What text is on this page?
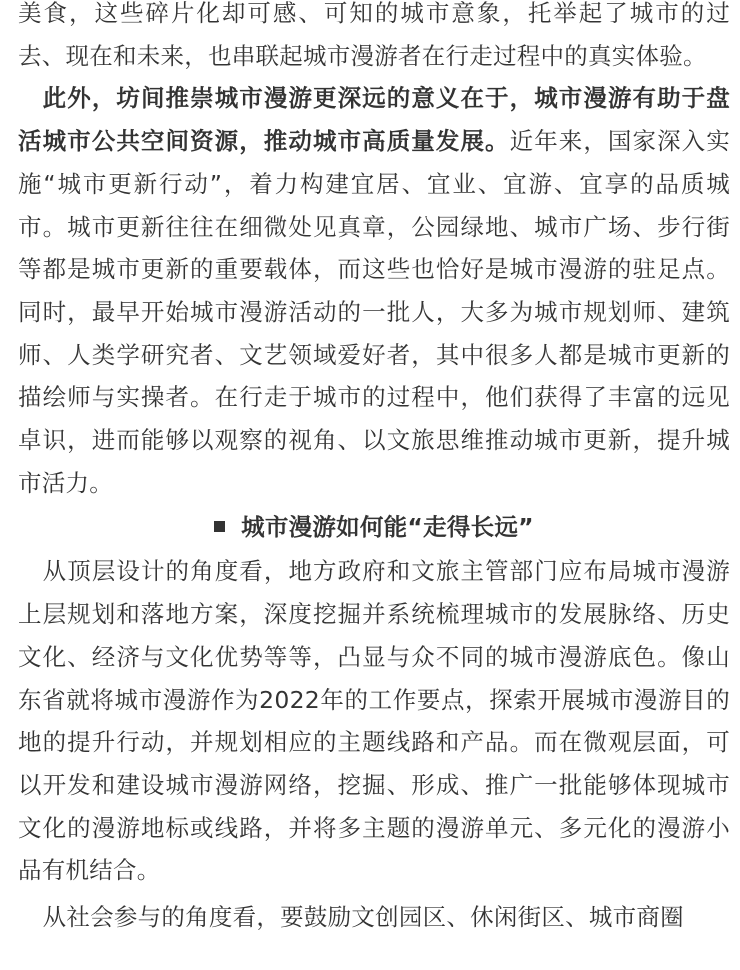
美食，这些碎片化却可感、可知的城市意象，托举起了城市的过去、现在和未来，也串联起城市漫游者在行走过程中的真实体验。

此外，坊间推崇城市漫游更深远的意义在于，城市漫游有助于盘活城市公共空间资源，推动城市高质量发展。近年来，国家深入实施“城市更新行动”，着力构建宜居、宜业、宜游、宜享的品质城市。城市更新往往在细微处见真章，公园绿地、城市广场、步行街等都是城市更新的重要载体，而这些也恰好是城市漫游的驻足点。同时，最早开始城市漫游活动的一批人，大多为城市规划师、建筑师、人类学研究者、文艺领域爱好者，其中很多人都是城市更新的描绘师与实操者。在行走于城市的过程中，他们获得了丰富的远见卓识，进而能够以观察的视角、以文旅思维推动城市更新，提升城市活力。

城市漫游如何能“走得长远”

从顶层设计的角度看，地方政府和文旅主管部门应布局城市漫游上层规划和落地方案，深度挖掘并系统梳理城市的发展脉络、历史文化、经济与文化优势等等，凸显与众不同的城市漫游底色。像山东省就将城市漫游作为2022年的工作要点，探索开展城市漫游目的地的提升行动，并规划相应的主题线路和产品。而在微观层面，可以开发和建设城市漫游网络，挖掘、形成、推广一批能够体现城市文化的漫游地标或线路，并将多主题的漫游单元、多元化的漫游小品有机结合。

从社会参与的角度看，要鼓励文创园区、休闲街区、城市商圈
